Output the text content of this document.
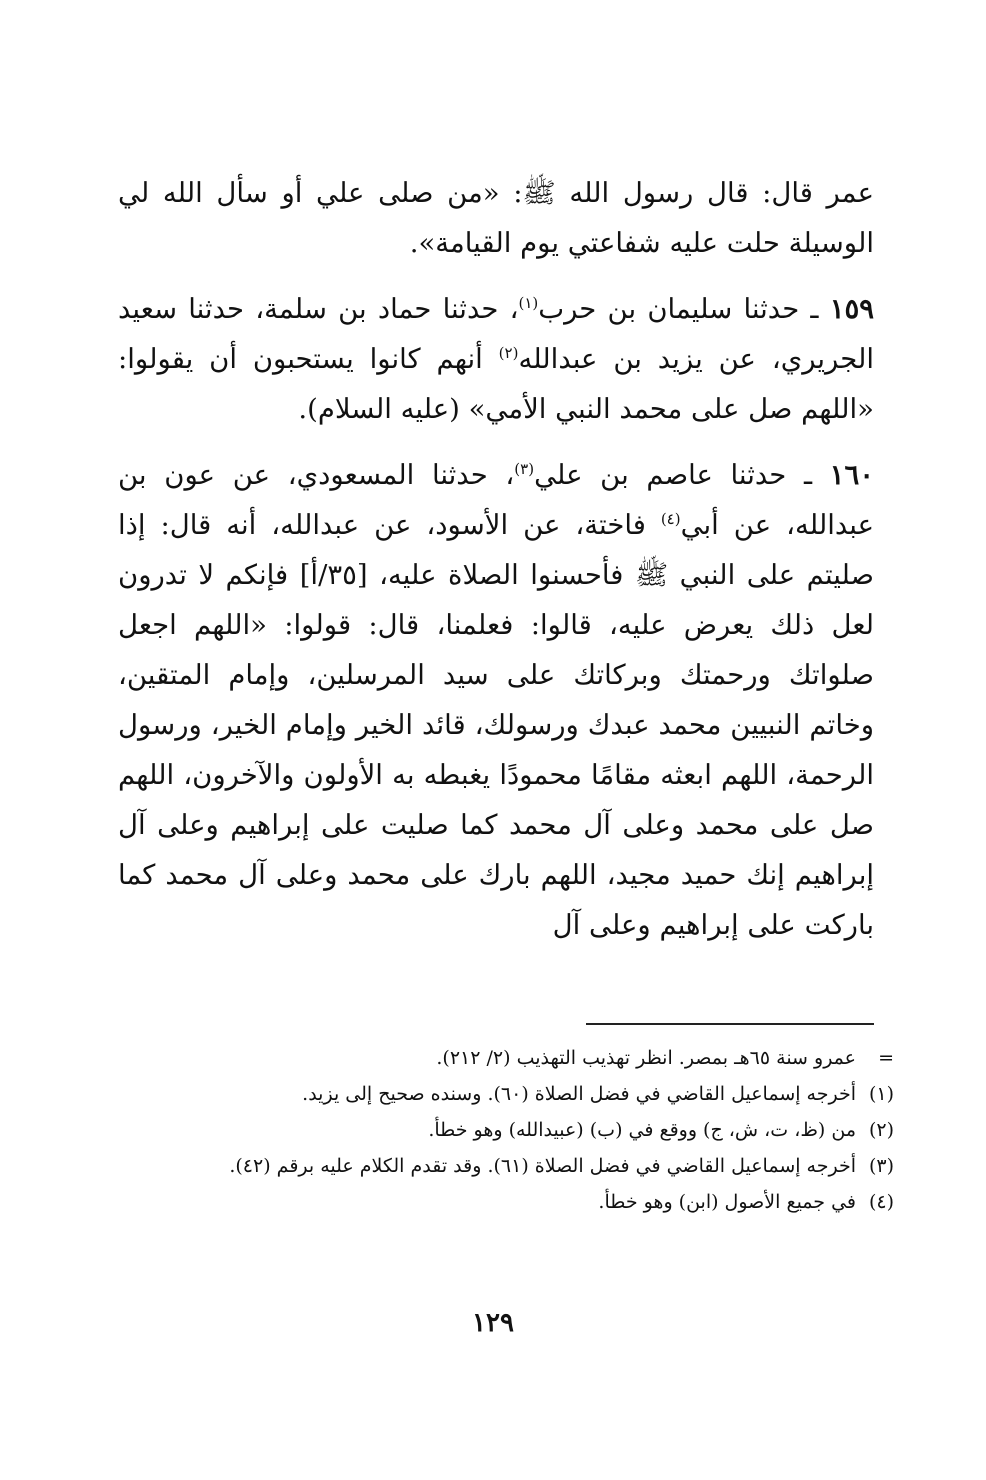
عمر قال: قال رسول الله ﷺ: «من صلى علي أو سأل الله لي الوسيلة حلت عليه شفاعتي يوم القيامة».

١٥٩ ـ حدثنا سليمان بن حرب$^{(١)}$، حدثنا حماد بن سلمة، حدثنا سعيد الجريري، عن يزيد بن عبدالله$^{(٢)}$ أنهم كانوا يستحبون أن يقولوا: «اللهم صل على محمد النبي الأمي» (عليه السلام).

١٦٠ ـ حدثنا عاصم بن علي$^{(٣)}$، حدثنا المسعودي، عن عون بن عبدالله، عن أبي$^{(٤)}$ فاختة، عن الأسود، عن عبدالله، أنه قال: إذا صليتم على النبي ﷺ فأحسنوا الصلاة عليه، [٣٥/أ] فإنكم لا تدرون لعل ذلك يعرض عليه، قالوا: فعلمنا، قال: قولوا: «اللهم اجعل صلواتك ورحمتك وبركاتك على سيد المرسلين، وإمام المتقين، وخاتم النبيين محمد عبدك ورسولك، قائد الخير وإمام الخير، ورسول الرحمة، اللهم ابعثه مقامًا محمودًا يغبطه به الأولون والآخرون، اللهم صل على محمد وعلى آل محمد كما صليت على إبراهيم وعلى آل إبراهيم إنك حميد مجيد، اللهم بارك على محمد وعلى آل محمد كما باركت على إبراهيم وعلى آل

=
عمرو سنة ٦٥هـ بمصر. انظر تهذيب التهذيب (٢/ ٢١٢).
(١)
أخرجه إسماعيل القاضي في فضل الصلاة (٦٠). وسنده صحيح إلى يزيد.
(٢)
من (ظ، ت، ش، ج) ووقع في (ب) (عبيدالله) وهو خطأ.
(٣)
أخرجه إسماعيل القاضي في فضل الصلاة (٦١). وقد تقدم الكلام عليه برقم (٤٢).
(٤)
في جميع الأصول (ابن) وهو خطأ.
١٢٩
